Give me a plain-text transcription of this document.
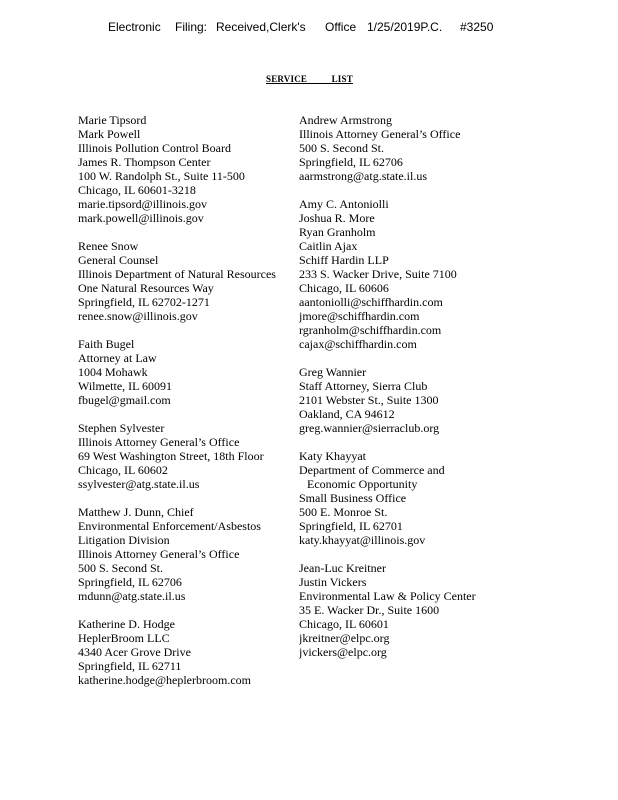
Electronic Filing: Received,Clerk's Office 1/25/2019P.C. #3250
SERVICE          LIST
Marie Tipsord
Mark Powell
Illinois Pollution Control Board
James R. Thompson Center
100 W. Randolph St., Suite 11-500
Chicago, IL 60601-3218
marie.tipsord@illinois.gov
mark.powell@illinois.gov
Renee Snow
General Counsel
Illinois Department of Natural Resources
One Natural Resources Way
Springfield, IL 62702-1271
renee.snow@illinois.gov
Faith Bugel
Attorney at Law
1004 Mohawk
Wilmette, IL 60091
fbugel@gmail.com
Stephen Sylvester
Illinois Attorney General’s Office
69 West Washington Street, 18th Floor
Chicago, IL 60602
ssylvester@atg.state.il.us
Matthew J. Dunn, Chief
Environmental Enforcement/Asbestos
Litigation Division
Illinois Attorney General’s Office
500 S. Second St.
Springfield, IL 62706
mdunn@atg.state.il.us
Katherine D. Hodge
HeplerBroom LLC
4340 Acer Grove Drive
Springfield, IL 62711
katherine.hodge@heplerbroom.com
Andrew Armstrong
Illinois Attorney General’s Office
500 S. Second St.
Springfield, IL 62706
aarmstrong@atg.state.il.us
Amy C. Antoniolli
Joshua R. More
Ryan Granholm
Caitlin Ajax
Schiff Hardin LLP
233 S. Wacker Drive, Suite 7100
Chicago, IL 60606
aantoniolli@schiffhardin.com
jmore@schiffhardin.com
rgranholm@schiffhardin.com
cajax@schiffhardin.com
Greg Wannier
Staff Attorney, Sierra Club
2101 Webster St., Suite 1300
Oakland, CA 94612
greg.wannier@sierraclub.org
Katy Khayyat
Department of Commerce and
Economic Opportunity
Small Business Office
500 E. Monroe St.
Springfield, IL 62701
katy.khayyat@illinois.gov
Jean-Luc Kreitner
Justin Vickers
Environmental Law & Policy Center
35 E. Wacker Dr., Suite 1600
Chicago, IL 60601
jkreitner@elpc.org
jvickers@elpc.org
